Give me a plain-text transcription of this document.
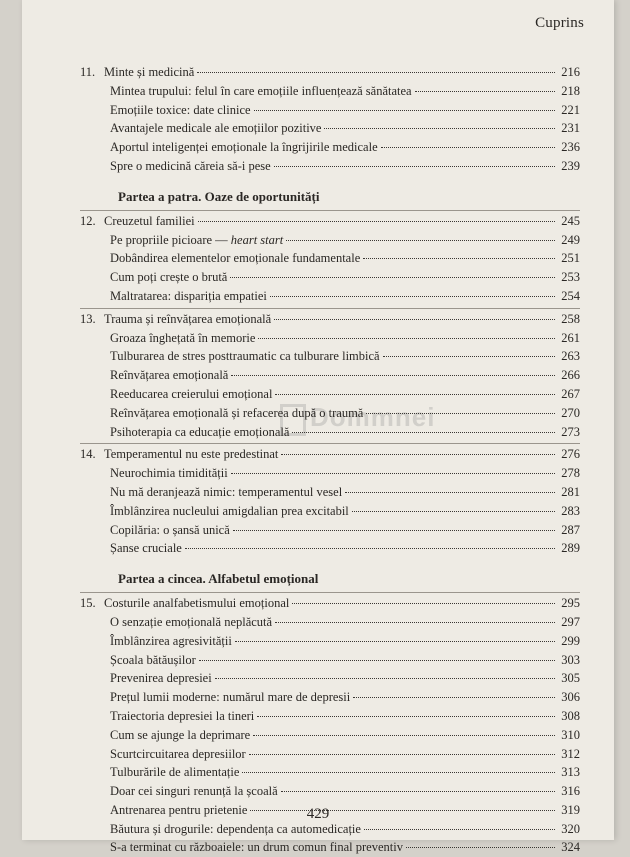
Cuprins
Dommnei
11. Minte și medicină	216
Mintea trupului: felul în care emoțiile influențează sănătatea	218
Emoțiile toxice: date clinice	221
Avantajele medicale ale emoțiilor pozitive	231
Aportul inteligenței emoționale la îngrijirile medicale	236
Spre o medicină căreia să-i pese	239
Partea a patra. Oaze de oportunități
12. Creuzetul familiei	245
Pe propriile picioare — heart start	249
Dobândirea elementelor emoționale fundamentale	251
Cum poți crește o brută	253
Maltratarea: dispariția empatiei	254
13. Trauma și reînvățarea emoțională	258
Groaza înghețată în memorie	261
Tulburarea de stres posttraumatic ca tulburare limbică	263
Reînvățarea emoțională	266
Reeducarea creierului emoțional	267
Reînvățarea emoțională și refacerea după o traumă	270
Psihoterapia ca educație emoțională	273
14. Temperamentul nu este predestinat	276
Neurochimia timidității	278
Nu mă deranjează nimic: temperamentul vesel	281
Îmblânzirea nucleului amigdalian prea excitabil	283
Copilăria: o șansă unică	287
Șanse cruciale	289
Partea a cincea. Alfabetul emoțional
15. Costurile analfabetismului emoțional	295
O senzație emoțională neplăcută	297
Îmblânzirea agresivității	299
Școala bătăușilor	303
Prevenirea depresiei	305
Prețul lumii moderne: numărul mare de depresii	306
Traiectoria depresiei la tineri	308
Cum se ajunge la deprimare	310
Scurtcircuitarea depresiilor	312
Tulburările de alimentație	313
Doar cei singuri renunță la școală	316
Antrenarea pentru prietenie	319
Băutura și drogurile: dependența ca automedicație	320
S-a terminat cu războaiele: un drum comun final preventiv	324
429
